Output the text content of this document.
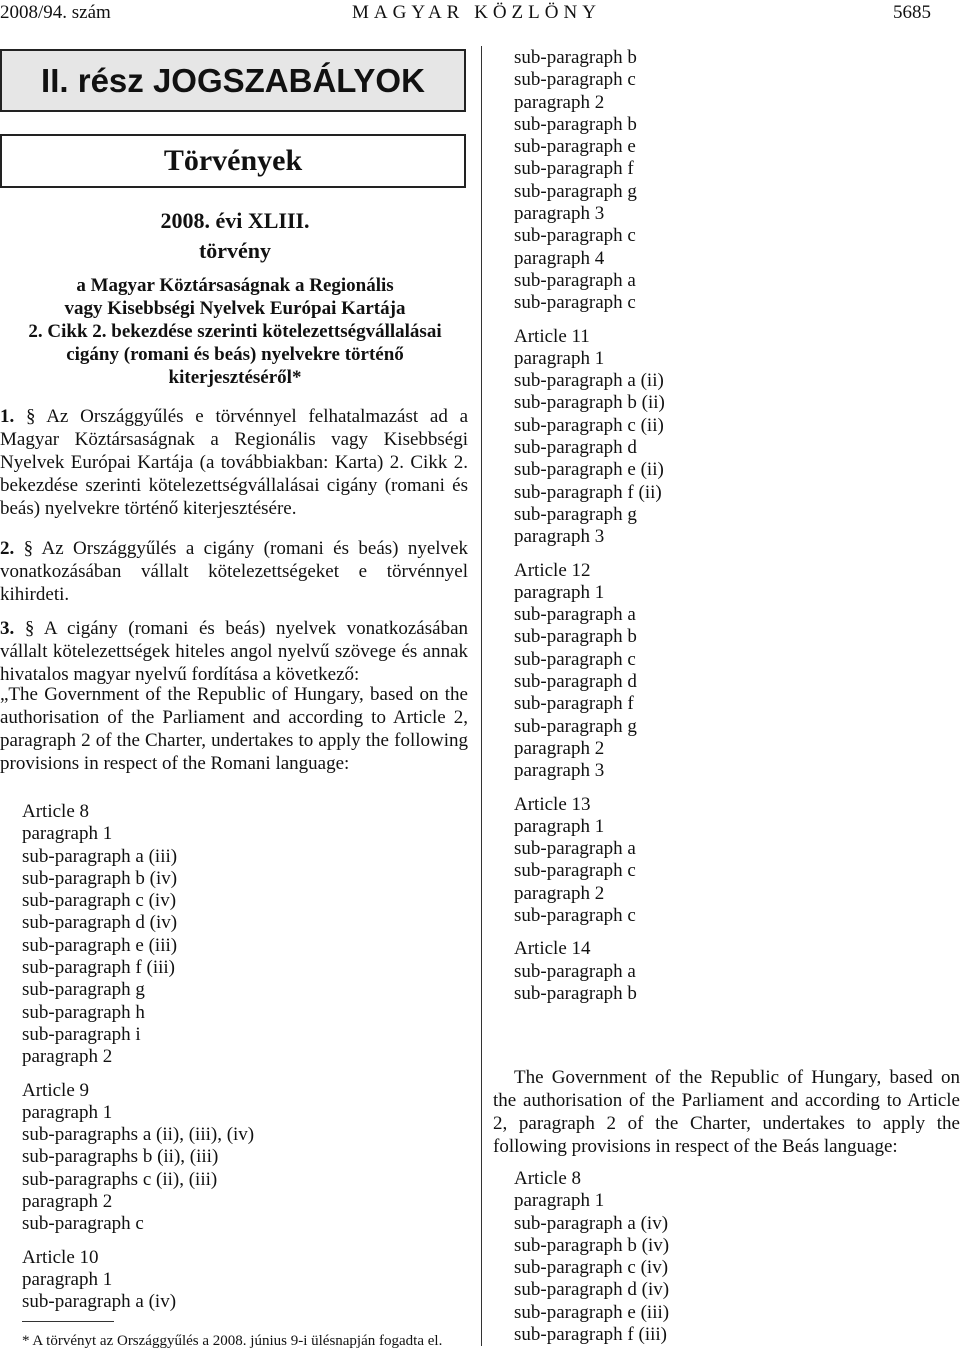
2008/94. szám	MAGYAR KÖZLÖNY	5685
II. rész JOGSZABÁLYOK
Törvények
2008. évi XLIII.
törvény
a Magyar Köztársaságnak a Regionális
vagy Kisebbségi Nyelvek Európai Kartája
2. Cikk 2. bekezdése szerinti kötelezettségvállalásai
cigány (romani és beás) nyelvekre történő
kiterjesztéséről*
1. § Az Országgyűlés e törvénnyel felhatalmazást ad a Magyar Köztársaságnak a Regionális vagy Kisebbségi Nyelvek Európai Kartája (a továbbiakban: Karta) 2. Cikk 2. bekezdése szerinti kötelezettségvállalásai cigány (romani és beás) nyelvekre történő kiterjesztésére.
2. § Az Országgyűlés a cigány (romani és beás) nyelvek vonatkozásában vállalt kötelezettségeket e törvénnyel kihirdeti.
3. § A cigány (romani és beás) nyelvek vonatkozásában vállalt kötelezettségek hiteles angol nyelvű szövege és annak hivatalos magyar nyelvű fordítása a következő:
„The Government of the Republic of Hungary, based on the authorisation of the Parliament and according to Article 2, paragraph 2 of the Charter, undertakes to apply the following provisions in respect of the Romani language:
Article 8
paragraph 1
sub-paragraph a (iii)
sub-paragraph b (iv)
sub-paragraph c (iv)
sub-paragraph d (iv)
sub-paragraph e (iii)
sub-paragraph f (iii)
sub-paragraph g
sub-paragraph h
sub-paragraph i
paragraph 2
Article 9
paragraph 1
sub-paragraphs a (ii), (iii), (iv)
sub-paragraphs b (ii), (iii)
sub-paragraphs c (ii), (iii)
paragraph 2
sub-paragraph c
Article 10
paragraph 1
sub-paragraph a (iv)
sub-paragraph b
sub-paragraph c
paragraph 2
sub-paragraph b
sub-paragraph e
sub-paragraph f
sub-paragraph g
paragraph 3
sub-paragraph c
paragraph 4
sub-paragraph a
sub-paragraph c
Article 11
paragraph 1
sub-paragraph a (ii)
sub-paragraph b (ii)
sub-paragraph c (ii)
sub-paragraph d
sub-paragraph e (ii)
sub-paragraph f (ii)
sub-paragraph g
paragraph 3
Article 12
paragraph 1
sub-paragraph a
sub-paragraph b
sub-paragraph c
sub-paragraph d
sub-paragraph f
sub-paragraph g
paragraph 2
paragraph 3
Article 13
paragraph 1
sub-paragraph a
sub-paragraph c
paragraph 2
sub-paragraph c
Article 14
sub-paragraph a
sub-paragraph b
The Government of the Republic of Hungary, based on the authorisation of the Parliament and according to Article 2, paragraph 2 of the Charter, undertakes to apply the following provisions in respect of the Beás language:
Article 8
paragraph 1
sub-paragraph a (iv)
sub-paragraph b (iv)
sub-paragraph c (iv)
sub-paragraph d (iv)
sub-paragraph e (iii)
sub-paragraph f (iii)
* A törvényt az Országgyűlés a 2008. június 9-i ülésnapján fogadta el.
